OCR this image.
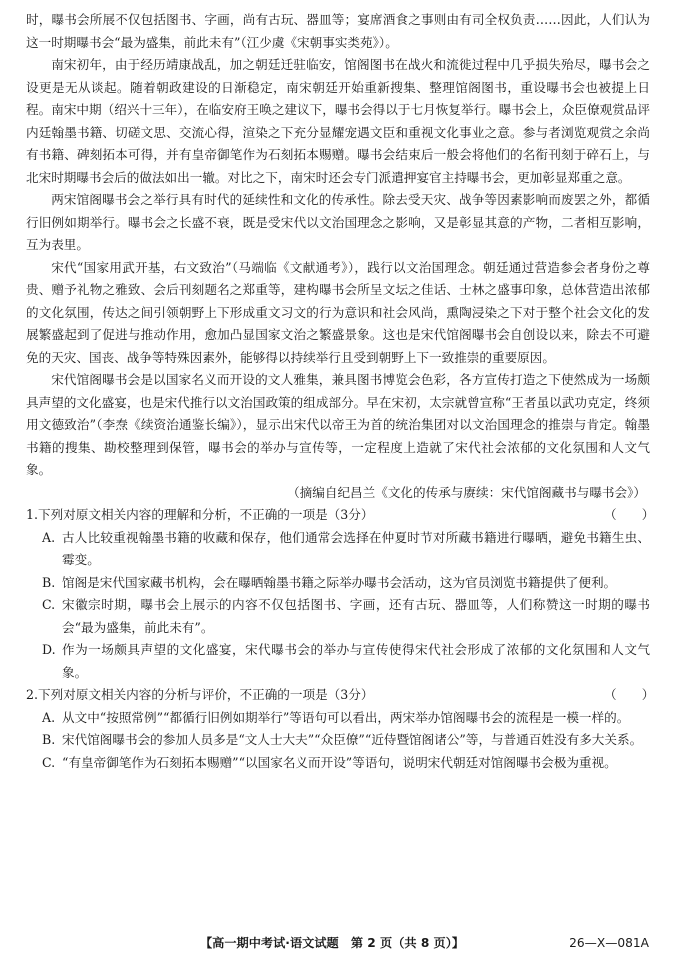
时，曝书会所展不仅包括图书、字画，尚有古玩、器皿等；宴席酒食之事则由有司全权负责……因此，人们认为这一时期曝书会“最为盛集，前此未有”（江少虞《宋朝事实类苑》）。

南宋初年，由于经历靖康战乱，加之朝廷迁驻临安，馆阁图书在战火和流徙过程中几乎损失殆尽，曝书会之设更是无从谈起。随着朝政建设的日渐稳定，南宋朝廷开始重新搜集、整理馆阁图书，重设曝书会也被提上日程。南宋中期（绍兴十三年），在临安府王唤之建议下，曝书会得以于七月恢复举行。曝书会上，众臣僚观赏品评内廷翰墨书籍、切磋文思、交流心得，渲染之下充分显耀宠遇文臣和重视文化事业之意。参与者浏览观赏之余尚有书籍、碑刻拓本可得，并有皇帝御笔作为石刻拓本赐赠。曝书会结束后一般会将他们的名衔刊刻于碎石上，与北宋时期曝书会后的做法如出一辙。对比之下，南宋时还会专门派遣押宴官主持曝书会，更加彰显郑重之意。

两宋馆阁曝书会之举行具有时代的延续性和文化的传承性。除去受天灾、战争等因素影响而废罢之外，都循行旧例如期举行。曝书会之长盛不衰，既是受宋代以文治国理念之影响，又是彰显其意的产物，二者相互影响，互为表里。

宋代“国家用武开基，右文致治”（马端临《文献通考》），践行以文治国理念。朝廷通过营造参会者身份之尊贵、赠予礼物之雅致、会后刊刻题名之郑重等，建构曝书会所呈文坛之佳话、士林之盛事印象，总体营造出浓郁的文化氛围，传达之间引领朝野上下形成重文习文的行为意识和社会风尚，熏陶浸染之下对于整个社会文化的发展繁盛起到了促进与推动作用，愈加凸显国家文治之繁盛景象。这也是宋代馆阁曝书会自创设以来，除去不可避免的天灾、国丧、战争等特殊因素外，能够得以持续举行且受到朝野上下一致推崇的重要原因。

宋代馆阁曝书会是以国家名义而开设的文人雅集，兼具图书博览会色彩，各方宣传打造之下使然成为一场颇具声望的文化盛宴，也是宋代推行以文治国政策的组成部分。早在宋初，太宗就曾宣称“王者虽以武功克定，终须用文德致治”（李焘《续资治通鉴长编》），显示出宋代以帝王为首的统治集团对以文治国理念的推崇与肯定。翰墨书籍的搜集、勘校整理到保管，曝书会的举办与宣传等，一定程度上造就了宋代社会浓郁的文化氛围和人文气象。

（摘编自纪昌兰《文化的传承与赓续：宋代馆阁藏书与曝书会》）

1.下列对原文相关内容的理解和分析，不正确的一项是（3分）	（　　）

A. 古人比较重视翰墨书籍的收藏和保存，他们通常会选择在仲夏时节对所藏书籍进行曝晒，避免书籍生虫、霉变。

B. 馆阁是宋代国家藏书机构，会在曝晒翰墨书籍之际举办曝书会活动，这为官员浏览书籍提供了便利。

C. 宋徽宗时期，曝书会上展示的内容不仅包括图书、字画，还有古玩、器皿等，人们称赞这一时期的曝书会“最为盛集，前此未有”。

D. 作为一场颇具声望的文化盛宴，宋代曝书会的举办与宣传使得宋代社会形成了浓郁的文化氛围和人文气象。

2.下列对原文相关内容的分析与评价，不正确的一项是（3分）	（　　）

A. 从文中“按照常例”“都循行旧例如期举行”等语句可以看出，两宋举办馆阁曝书会的流程是一模一样的。

B. 宋代馆阁曝书会的参加人员多是“文人士大夫”“众臣僚”“近侍暨馆阁诸公”等，与普通百姓没有多大关系。

C. “有皇帝御笔作为石刻拓本赐赠”“以国家名义而开设”等语句，说明宋代朝廷对馆阁曝书会极为重视。

【高一期中考试·语文试题　第 2 页（共 8 页）】	26—X—081A
